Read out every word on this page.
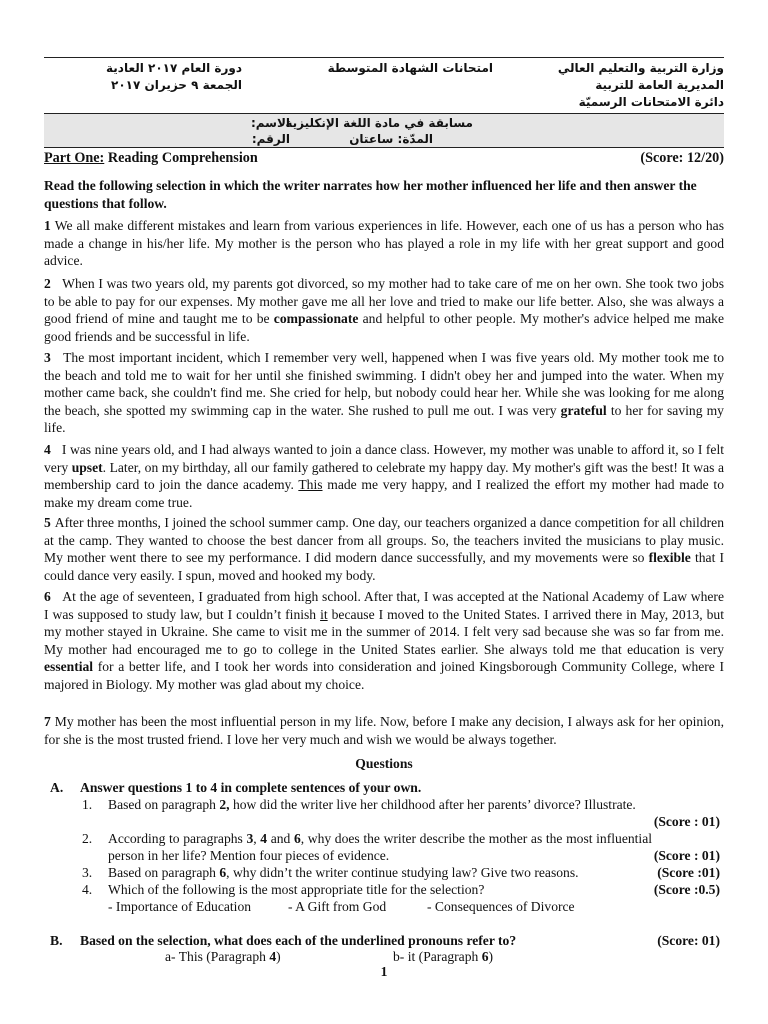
وزارة التربية والتعليم العالي
المديرية العامة للتربية
دائرة الامتحانات الرسميّة
امتحانات الشهادة المتوسطة
دورة العام ٢٠١٧ العادية
الجمعة ٩ حزيران ٢٠١٧
مسابقة في مادة اللغة الإنكليزية
المدّة: ساعتان
الاسم:
الرقم:
Part One: Reading Comprehension	(Score: 12/20)
Read the following selection in which the writer narrates how her mother influenced her life and then answer the questions that follow.
1 We all make different mistakes and learn from various experiences in life. However, each one of us has a person who has made a change in his/her life. My mother is the person who has played a role in my life with her great support and good advice.
2 When I was two years old, my parents got divorced, so my mother had to take care of me on her own. She took two jobs to be able to pay for our expenses. My mother gave me all her love and tried to make our life better. Also, she was always a good friend of mine and taught me to be compassionate and helpful to other people. My mother's advice helped me make good friends and be successful in life.
3 The most important incident, which I remember very well, happened when I was five years old. My mother took me to the beach and told me to wait for her until she finished swimming. I didn't obey her and jumped into the water. When my mother came back, she couldn't find me. She cried for help, but nobody could hear her. While she was looking for me along the beach, she spotted my swimming cap in the water. She rushed to pull me out. I was very grateful to her for saving my life.
4 I was nine years old, and I had always wanted to join a dance class. However, my mother was unable to afford it, so I felt very upset. Later, on my birthday, all our family gathered to celebrate my happy day. My mother's gift was the best! It was a membership card to join the dance academy. This made me very happy, and I realized the effort my mother had made to make my dream come true.
5 After three months, I joined the school summer camp. One day, our teachers organized a dance competition for all children at the camp. They wanted to choose the best dancer from all groups. So, the teachers invited the musicians to play music. My mother went there to see my performance. I did modern dance successfully, and my movements were so flexible that I could dance very easily. I spun, moved and hooked my body.
6 At the age of seventeen, I graduated from high school. After that, I was accepted at the National Academy of Law where I was supposed to study law, but I couldn’t finish it because I moved to the United States. I arrived there in May, 2013, but my mother stayed in Ukraine. She came to visit me in the summer of 2014. I felt very sad because she was so far from me. My mother had encouraged me to go to college in the United States earlier. She always told me that education is very essential for a better life, and I took her words into consideration and joined Kingsborough Community College, where I majored in Biology. My mother was glad about my choice.
7 My mother has been the most influential person in my life. Now, before I make any decision, I always ask for her opinion, for she is the most trusted friend. I love her very much and wish we would be always together.
Questions
A. Answer questions 1 to 4 in complete sentences of your own.
1.	Based on paragraph 2, how did the writer live her childhood after her parents’ divorce? Illustrate.
(Score : 01)
2.	According to paragraphs 3, 4 and 6, why does the writer describe the mother as the most influential person in her life? Mention four pieces of evidence.	(Score : 01)
3. Based on paragraph 6, why didn’t the writer continue studying law? Give two reasons.	(Score :01)
4. Which of the following is the most appropriate title for the selection?	(Score :0.5)
- Importance of Education	- A Gift from God	- Consequences of Divorce
B. Based on the selection, what does each of the underlined pronouns refer to?	(Score: 01)
a- This (Paragraph 4)	b- it (Paragraph 6)
1
